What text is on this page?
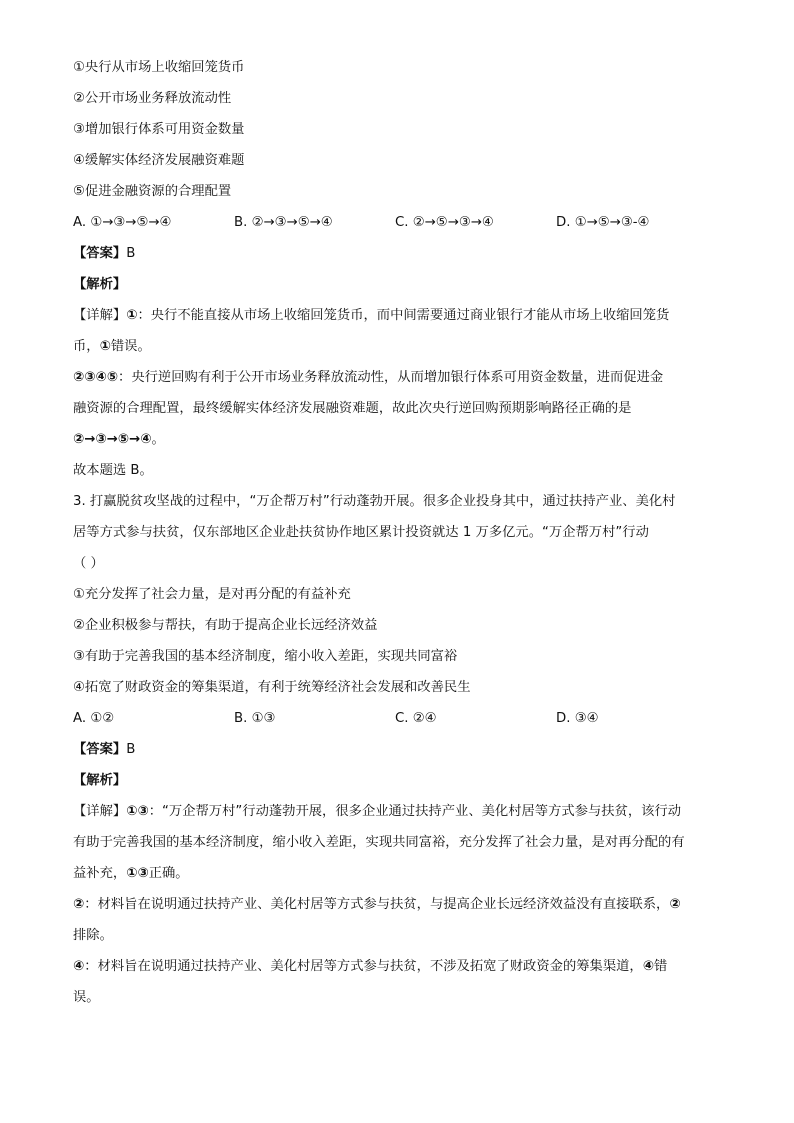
①央行从市场上收缩回笼货币
②公开市场业务释放流动性
③增加银行体系可用资金数量
④缓解实体经济发展融资难题
⑤促进金融资源的合理配置
A. ①→③→⑤→④	B. ②→③→⑤→④	C. ②→⑤→③→④	D. ①→⑤→③-④
【答案】B
【解析】
【详解】①：央行不能直接从市场上收缩回笼货币，而中间需要通过商业银行才能从市场上收缩回笼货
币，①错误。
②③④⑤：央行逆回购有利于公开市场业务释放流动性，从而增加银行体系可用资金数量，进而促进金
融资源的合理配置，最终缓解实体经济发展融资难题，故此次央行逆回购预期影响路径正确的是
②→③→⑤→④。
故本题选 B。
3. 打赢脱贫攻坚战的过程中，“万企帮万村”行动蓬勃开展。很多企业投身其中，通过扶持产业、美化村
居等方式参与扶贫，仅东部地区企业赴扶贫协作地区累计投资就达 1 万多亿元。“万企帮万村”行动
（ ）
①充分发挥了社会力量，是对再分配的有益补充
②企业积极参与帮扶，有助于提高企业长远经济效益
③有助于完善我国的基本经济制度，缩小收入差距，实现共同富裕
④拓宽了财政资金的筹集渠道，有利于统筹经济社会发展和改善民生
A. ①②	B. ①③	C. ②④	D. ③④
【答案】B
【解析】
【详解】①③：“万企帮万村”行动蓬勃开展，很多企业通过扶持产业、美化村居等方式参与扶贫，该行动
有助于完善我国的基本经济制度，缩小收入差距，实现共同富裕，充分发挥了社会力量，是对再分配的有
益补充，①③正确。
②：材料旨在说明通过扶持产业、美化村居等方式参与扶贫，与提高企业长远经济效益没有直接联系，②
排除。
④：材料旨在说明通过扶持产业、美化村居等方式参与扶贫，不涉及拓宽了财政资金的筹集渠道，④错
误。
